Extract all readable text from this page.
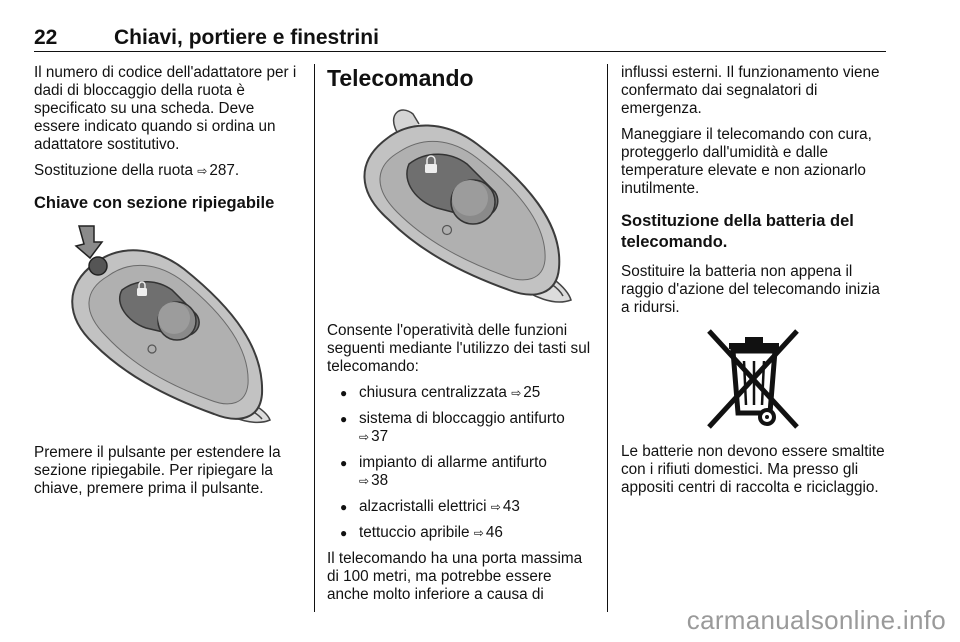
22	Chiavi, portiere e finestrini

Il numero di codice dell'adattatore per i dadi di bloccaggio della ruota è specificato su una scheda. Deve essere indicato quando si ordina un adattatore sostitutivo.

Sostituzione della ruota ⇨ 287.

Chiave con sezione ripiegabile

Premere il pulsante per estendere la sezione ripiegabile. Per ripiegare la chiave, premere prima il pulsante.

Telecomando

Consente l'operatività delle funzioni seguenti mediante l'utilizzo dei tasti sul telecomando:

● chiusura centralizzata ⇨ 25
● sistema di bloccaggio antifurto
⇨ 37
● impianto di allarme antifurto
⇨ 38
● alzacristalli elettrici ⇨ 43
● tettuccio apribile ⇨ 46

Il telecomando ha una porta massima di 100 metri, ma potrebbe essere anche molto inferiore a causa di

influssi esterni. Il funzionamento viene confermato dai segnalatori di emergenza.

Maneggiare il telecomando con cura, proteggerlo dall'umidità e dalle temperature elevate e non azionarlo inutilmente.

Sostituzione della batteria del telecomando.

Sostituire la batteria non appena il raggio d'azione del telecomando inizia a ridursi.

Le batterie non devono essere smaltite con i rifiuti domestici. Ma presso gli appositi centri di raccolta e riciclaggio.

carmanualsonline.info
